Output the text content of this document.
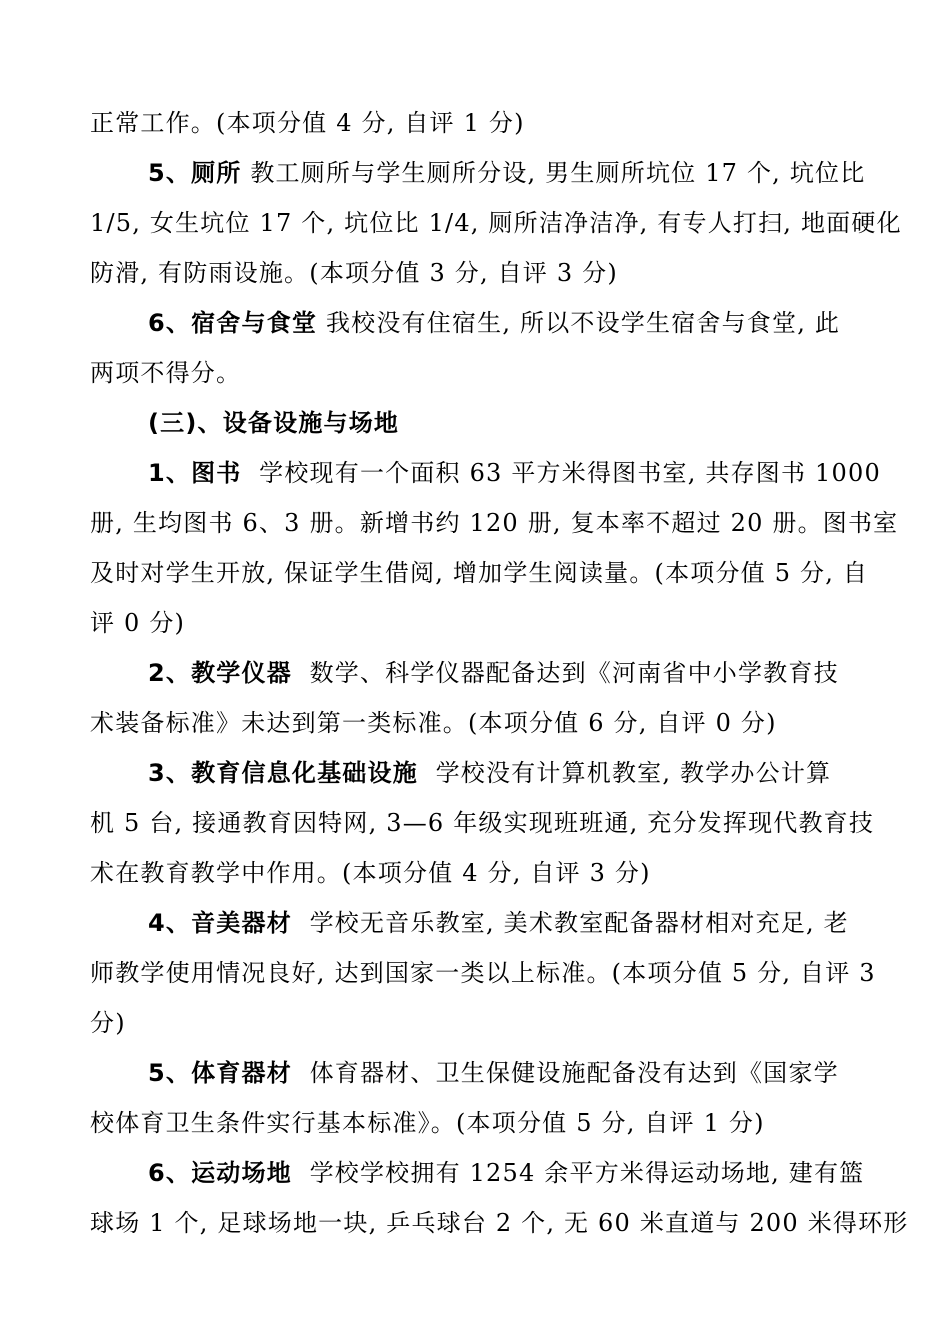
正常工作。(本项分值 4 分, 自评 1 分)
5、厕所 教工厕所与学生厕所分设, 男生厕所坑位 17 个, 坑位比
1/5, 女生坑位 17 个, 坑位比 1/4, 厕所洁净洁净, 有专人打扫, 地面硬化
防滑, 有防雨设施。(本项分值 3 分, 自评 3 分)
6、宿舍与食堂 我校没有住宿生, 所以不设学生宿舍与食堂, 此
两项不得分。
(三)、设备设施与场地
1、图书  学校现有一个面积 63 平方米得图书室, 共存图书 1000
册, 生均图书 6、3 册。新增书约 120 册, 复本率不超过 20 册。图书室
及时对学生开放, 保证学生借阅, 增加学生阅读量。(本项分值 5 分, 自
评 0 分)
2、教学仪器  数学、科学仪器配备达到《河南省中小学教育技
术装备标准》未达到第一类标准。(本项分值 6 分, 自评 0 分)
3、教育信息化基础设施  学校没有计算机教室, 教学办公计算
机 5 台, 接通教育因特网, 3—6 年级实现班班通, 充分发挥现代教育技
术在教育教学中作用。(本项分值 4 分, 自评 3 分)
4、音美器材  学校无音乐教室, 美术教室配备器材相对充足, 老
师教学使用情况良好, 达到国家一类以上标准。(本项分值 5 分, 自评 3
分)
5、体育器材  体育器材、卫生保健设施配备没有达到《国家学
校体育卫生条件实行基本标准》。(本项分值 5 分, 自评 1 分)
6、运动场地  学校学校拥有 1254 余平方米得运动场地, 建有篮
球场 1 个, 足球场地一块, 乒乓球台 2 个, 无 60 米直道与 200 米得环形
